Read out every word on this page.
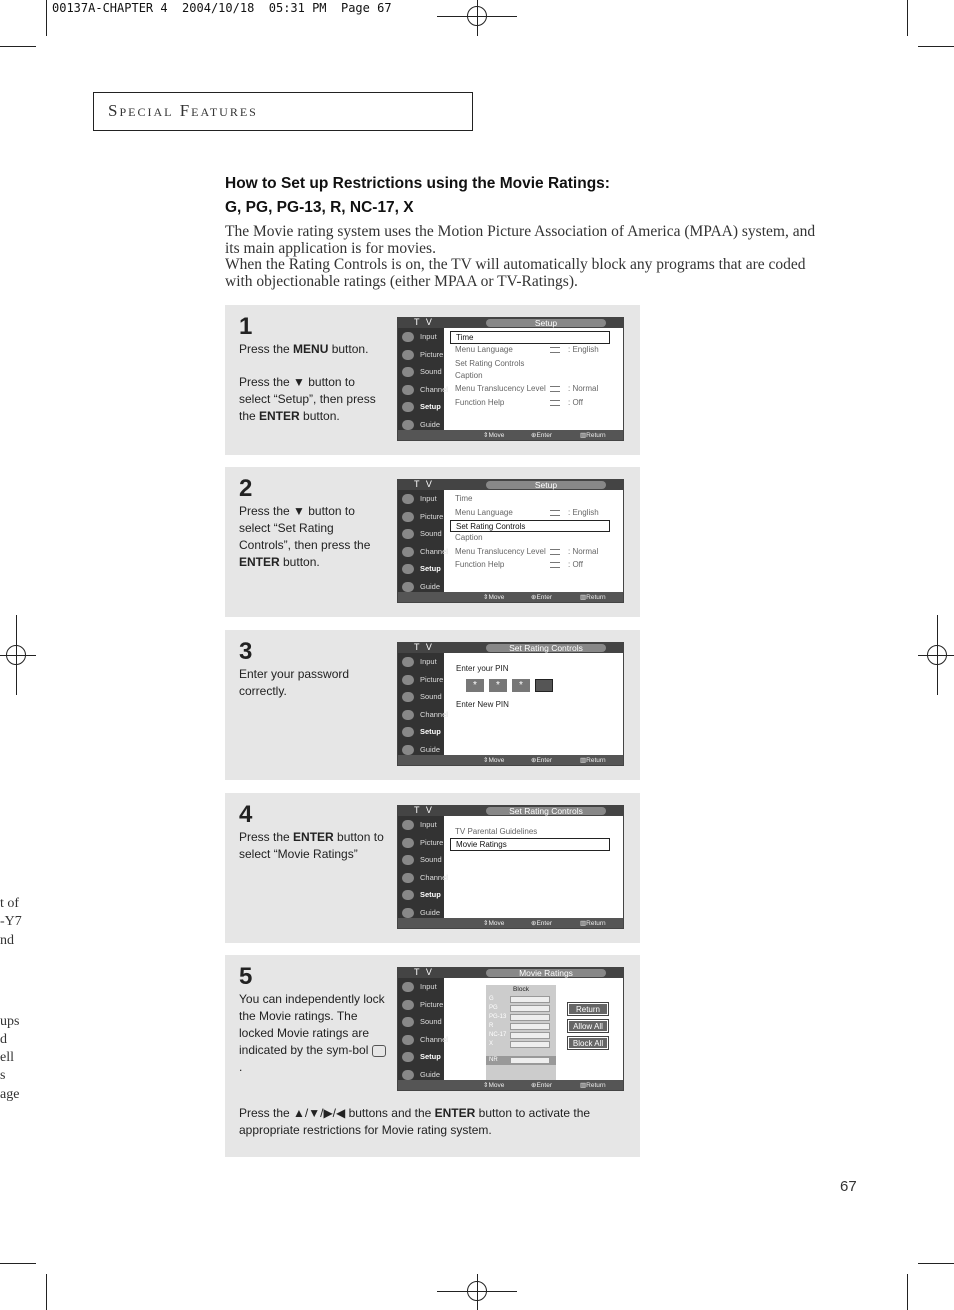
00137A-CHAPTER 4  2004/10/18  05:31 PM  Page 67
Special Features
How to Set up Restrictions using the Movie Ratings:
G, PG, PG-13, R, NC-17, X

The Movie rating system uses the Motion Picture Association of America (MPAA) system, and its main application is for movies.

When the Rating Controls is on, the TV will automatically block any programs that are coded with objectionable ratings (either MPAA or TV-Ratings).

1
Press the MENU button.
Press the ▼ button to select “Setup”, then press the ENTER button.
T V	Setup
Input
Picture
Sound
Channel
Setup
Guide
Time
Menu Language	: English
Set Rating Controls
Caption
Menu Translucency Level	: Normal
Function Help	: Off
⇕ Move	⊕ Enter	▥ Return
2
Press the ▼ button to select “Set Rating Controls”, then press the ENTER button.
T V	Setup
Input
Picture
Sound
Channel
Setup
Guide
Time
Menu Language	: English
Set Rating Controls
Caption
Menu Translucency Level	: Normal
Function Help	: Off
⇕ Move	⊕ Enter	▥ Return
3
Enter your password correctly.
T V	Set Rating Controls
Input
Picture
Sound
Channel
Setup
Guide
Enter your PIN
*	*	*
Enter New PIN
⇕ Move	⊕ Enter	▥ Return
4
Press the ENTER button to select “Movie Ratings”
T V	Set Rating Controls
Input
Picture
Sound
Channel
Setup
Guide
TV Parental Guidelines
Movie Ratings
⇕ Move	⊕ Enter	▥ Return
5
You can independently lock the Movie ratings. The locked Movie ratings are indicated by the sym-bol .
T V	Movie Ratings
Input
Picture
Sound
Channel
Setup
Guide
Block
G
PG
PG-13
R
NC-17
X
NR
Return
Allow All
Block All
⇕ Move	⊕ Enter	▥ Return
Press the ▲/▼/▶/◀ buttons and the ENTER button to activate the appropriate restrictions for Movie rating system.
t of
-Y7
nd
ups
d
ell
s
age
67
